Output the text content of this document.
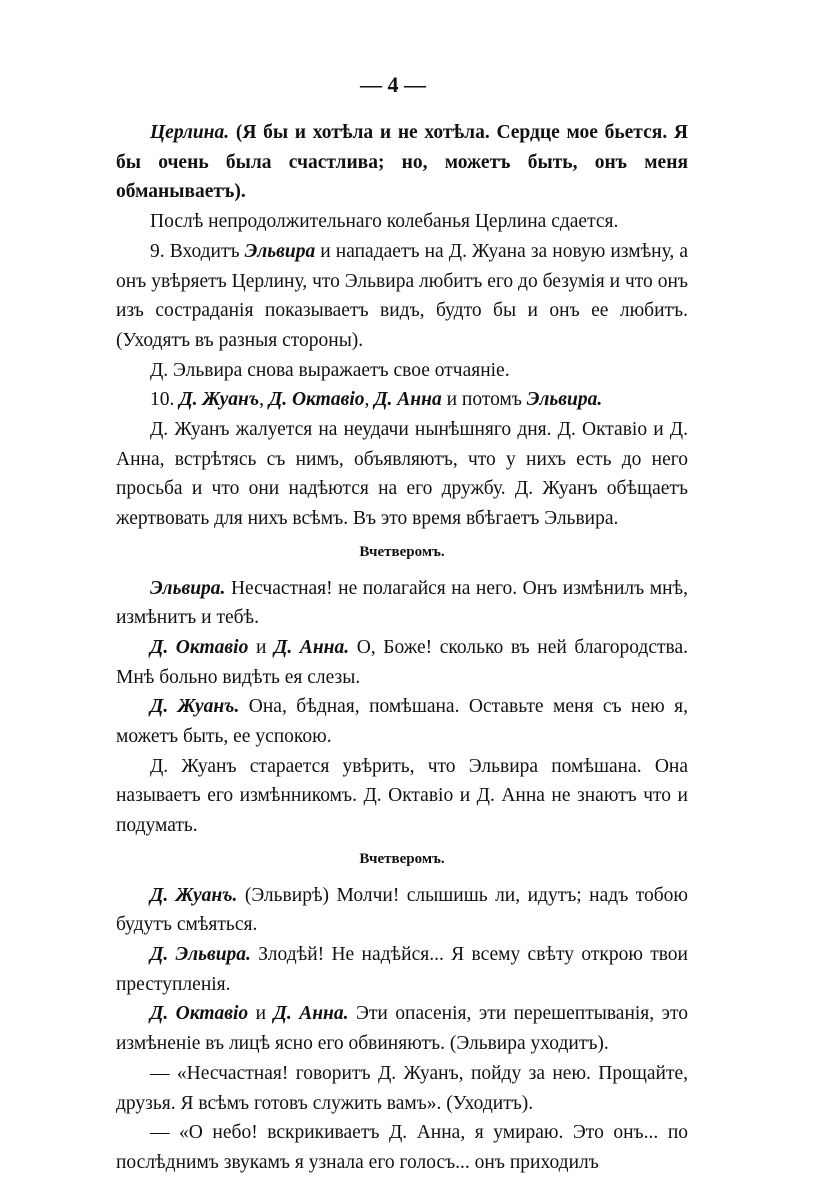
— 4 —

Церлина. (Я бы и хотѣла и не хотѣла. Сердце мое бьется. Я бы очень была счастлива; но, можетъ быть, онъ меня обманываетъ).

Послѣ непродолжительнаго колебанья Церлина сдается.

9. Входитъ Эльвира и нападаетъ на Д. Жуана за новую измѣну, а онъ увѣряетъ Церлину, что Эльвира любитъ его до безумія и что онъ изъ состраданія показываетъ видъ, будто бы и онъ ее любитъ. (Уходятъ въ разныя стороны).

Д. Эльвира снова выражаетъ свое отчаяніе.

10. Д. Жуанъ, Д. Октавіо, Д. Анна и потомъ Эльвира.

Д. Жуанъ жалуется на неудачи нынѣшняго дня. Д. Октавіо и Д. Анна, встрѣтясь съ нимъ, объявляютъ, что у нихъ есть до него просьба и что они надѣются на его дружбу. Д. Жуанъ обѣщаетъ жертвовать для нихъ всѣмъ. Въ это время вбѣгаетъ Эльвира.

Вчетверомъ.

Эльвира. Несчастная! не полагайся на него. Онъ измѣнилъ мнѣ, измѣнитъ и тебѣ.

Д. Октавіо и Д. Анна. О, Боже! сколько въ ней благородства. Мнѣ больно видѣть ея слезы.

Д. Жуанъ. Она, бѣдная, помѣшана. Оставьте меня съ нею я, можетъ быть, ее успокою.

Д. Жуанъ старается увѣрить, что Эльвира помѣшана. Она называетъ его измѣнникомъ. Д. Октавіо и Д. Анна не знаютъ что и подумать.

Вчетверомъ.

Д. Жуанъ. (Эльвирѣ) Молчи! слышишь ли, идутъ; надъ тобою будутъ смѣяться.

Д. Эльвира. Злодѣй! Не надѣйся... Я всему свѣту открою твои преступленія.

Д. Октавіо и Д. Анна. Эти опасенія, эти перешептыванія, это измѣненіе въ лицѣ ясно его обвиняютъ. (Эльвира уходитъ).

— «Несчастная! говоритъ Д. Жуанъ, пойду за нею. Прощайте, друзья. Я всѣмъ готовъ служить вамъ». (Уходитъ).

— «О небо! вскрикиваетъ Д. Анна, я умираю. Это онъ... по послѣднимъ звукамъ я узнала его голосъ... онъ приходилъ
